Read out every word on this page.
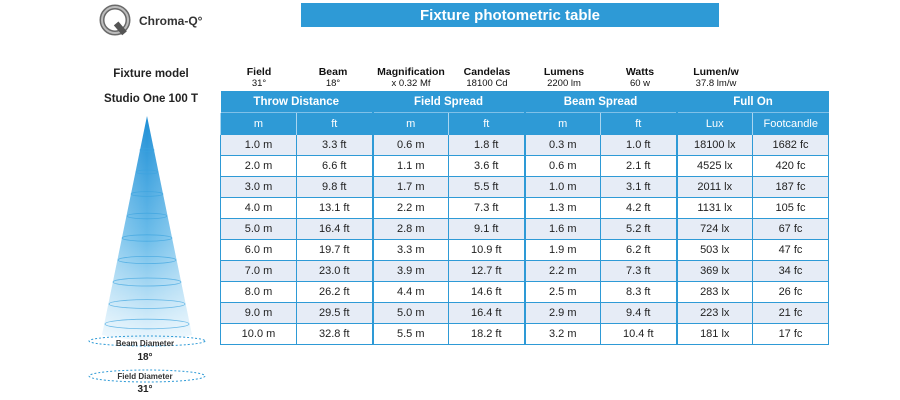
Chroma-Q°	Fixture photometric table
Fixture model
Studio One 100 T
Field
31°
Beam
18°
Magnification
x 0.32 Mf
Candelas
18100 Cd
Lumens
2200 lm
Watts
60 w
Lumen/w
37.8 lm/w
Throw Distance		Field Spread		Beam Spread		Full On	
m	ft	m	ft	m	ft	Lux	Footcandle
1.0 m	3.3 ft	0.6 m	1.8 ft	0.3 m	1.0 ft	18100 lx	1682 fc
2.0 m	6.6 ft	1.1 m	3.6 ft	0.6 m	2.1 ft	4525 lx	420 fc
3.0 m	9.8 ft	1.7 m	5.5 ft	1.0 m	3.1 ft	2011 lx	187 fc
4.0 m	13.1 ft	2.2 m	7.3 ft	1.3 m	4.2 ft	1131 lx	105 fc
5.0 m	16.4 ft	2.8 m	9.1 ft	1.6 m	5.2 ft	724 lx	67 fc
6.0 m	19.7 ft	3.3 m	10.9 ft	1.9 m	6.2 ft	503 lx	47 fc
7.0 m	23.0 ft	3.9 m	12.7 ft	2.2 m	7.3 ft	369 lx	34 fc
8.0 m	26.2 ft	4.4 m	14.6 ft	2.5 m	8.3 ft	283 lx	26 fc
9.0 m	29.5 ft	5.0 m	16.4 ft	2.9 m	9.4 ft	223 lx	21 fc
10.0 m	32.8 ft	5.5 m	18.2 ft	3.2 m	10.4 ft	181 lx	17 fc
Beam Diameter
18°
Field Diameter
31°
